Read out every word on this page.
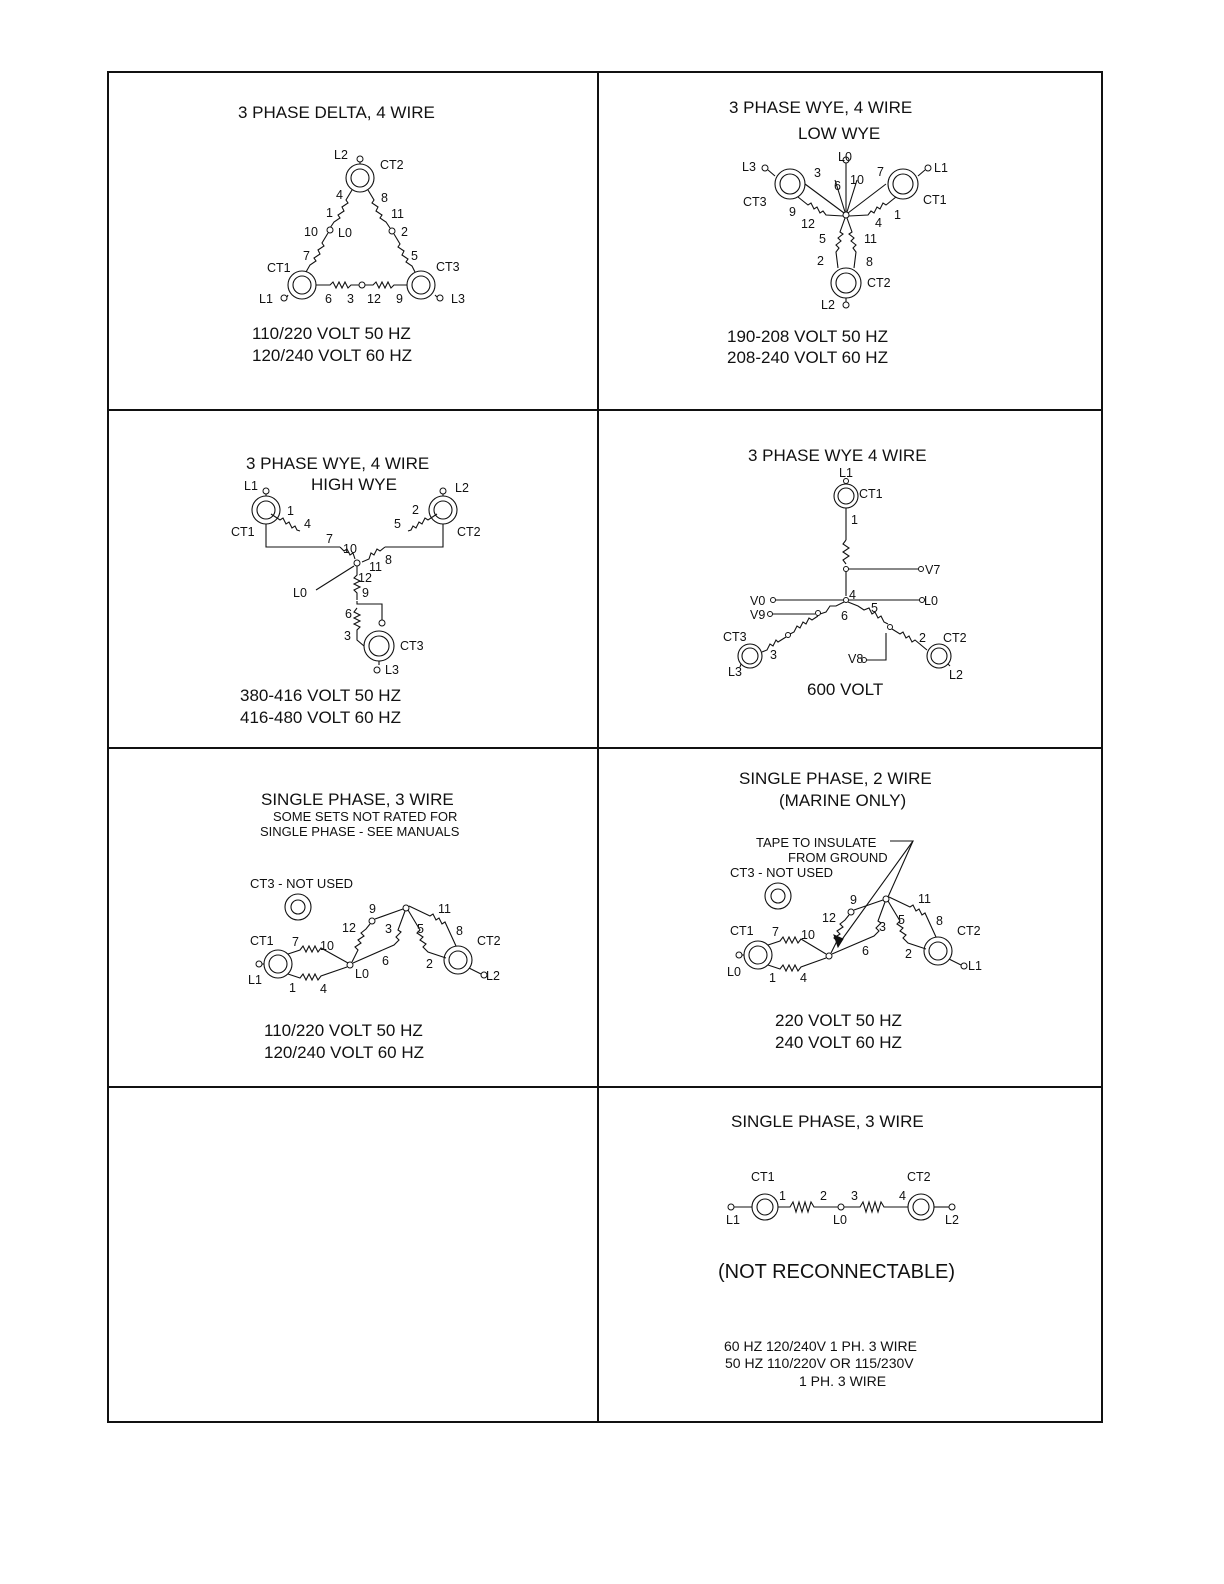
3 PHASE DELTA, 4 WIRE
L2
CT2
4	8
1	11
10 L0	2
7	5
CT1	CT3
L1	6 3 12 9	L3
110/220 VOLT 50 HZ
120/240 VOLT 60 HZ
3 PHASE WYE, 4 WIRE
LOW WYE
L0
L3	3
6 10
7	L1
CT3	CT1
9	1
12	4
5	11
2	8
CT2
L2
190-208 VOLT 50 HZ
208-240 VOLT 60 HZ
3 PHASE WYE, 4 WIRE
HIGH WYE
L1	L2
1	2
4	5
CT1	CT2
7
10
8
11
12
L0	9
6
3
CT3
L3
380-416 VOLT 50 HZ
416-480 VOLT 60 HZ
3 PHASE WYE 4 WIRE
L1
CT1
1
V7
4
V0	L0
V9	5
6
CT3	2 CT2
3	V8
L3	L2
600 VOLT
SINGLE PHASE, 3 WIRE
SOME SETS NOT RATED FOR
SINGLE PHASE - SEE MANUALS
CT3 - NOT USED
9	11
12 3 5	8
CT1 7 10	CT2
6	2
L0
L1
1 4
L2
110/220 VOLT 50 HZ
120/240 VOLT 60 HZ
SINGLE PHASE, 2 WIRE
(MARINE ONLY)
TAPE TO INSULATE
FROM GROUND
CT3 - NOT USED
9	11
12
3 5 8
CT1 7 10	CT2
6	2
L0 1 4
L1
220 VOLT 50 HZ
240 VOLT 60 HZ
SINGLE PHASE, 3 WIRE
CT1	CT2
1	2 3	4
L1	L0	L2
(NOT RECONNECTABLE)
60 HZ 120/240V 1 PH. 3 WIRE
50 HZ 110/220V OR 115/230V
1 PH. 3 WIRE
